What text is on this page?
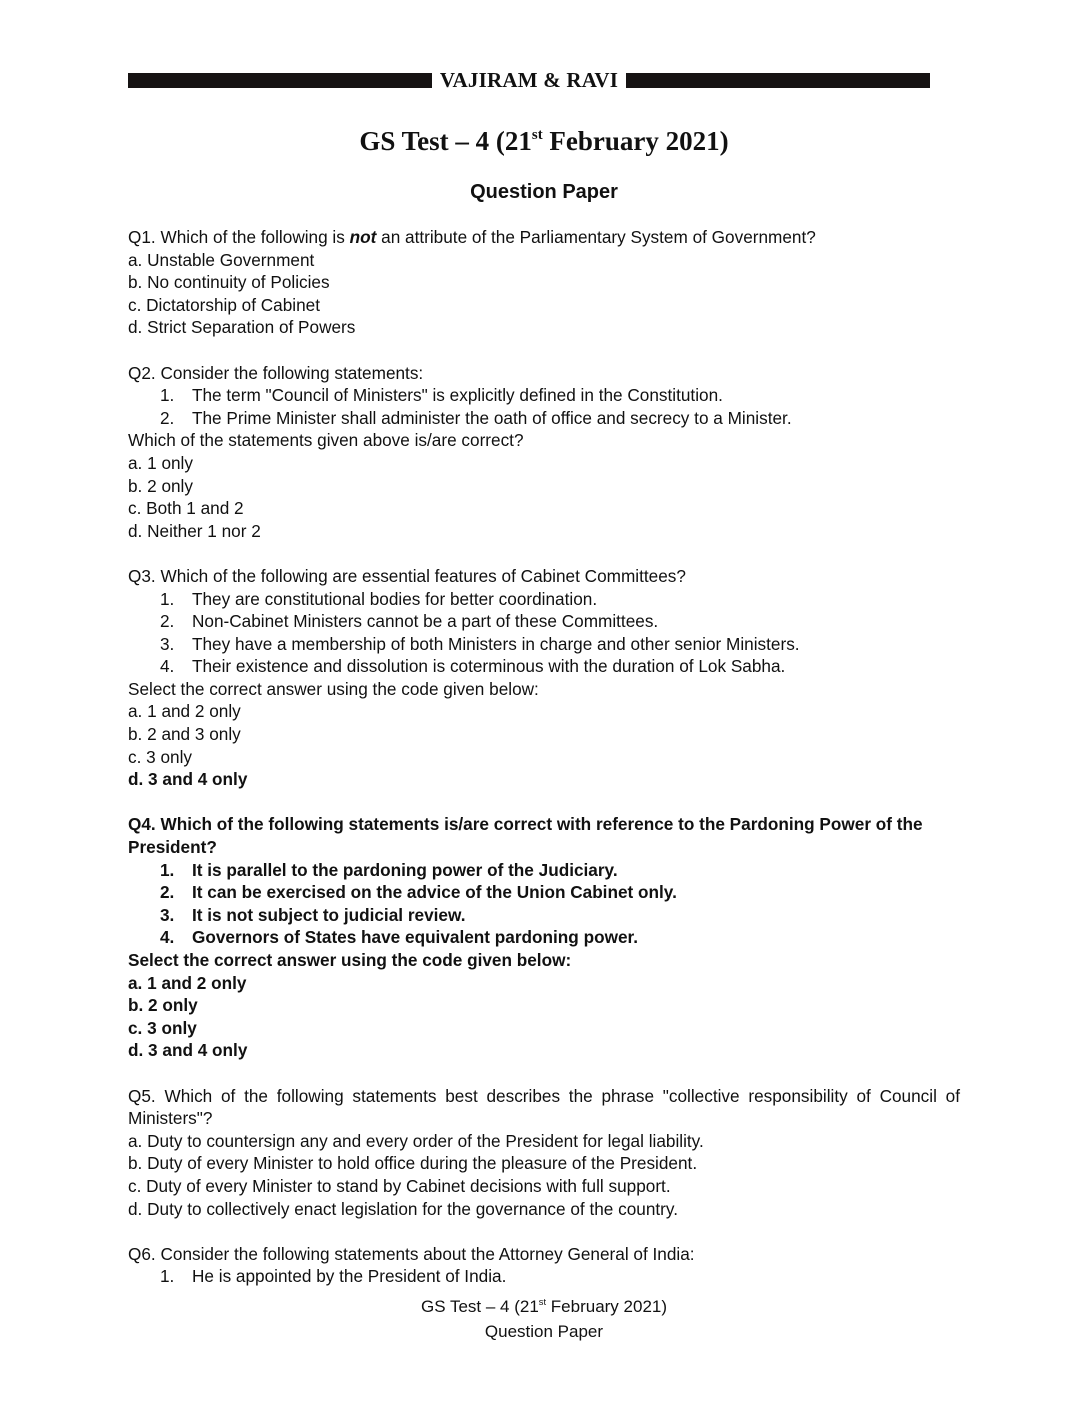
VAJIRAM & RAVI
GS Test – 4 (21st February 2021)
Question Paper

Q1. Which of the following is not an attribute of the Parliamentary System of Government?

a. Unstable Government
b. No continuity of Policies
c. Dictatorship of Cabinet
d. Strict Separation of Powers

Q2. Consider the following statements:

1.	The term "Council of Ministers" is explicitly defined in the Constitution.
2.	The Prime Minister shall administer the oath of office and secrecy to a Minister.
Which of the statements given above is/are correct?
a. 1 only
b. 2 only
c. Both 1 and 2
d. Neither 1 nor 2

Q3. Which of the following are essential features of Cabinet Committees?

1.	They are constitutional bodies for better coordination.
2.	Non-Cabinet Ministers cannot be a part of these Committees.
3.	They have a membership of both Ministers in charge and other senior Ministers.
4.	Their existence and dissolution is coterminous with the duration of Lok Sabha.
Select the correct answer using the code given below:
a. 1 and 2 only
b. 2 and 3 only
c. 3 only
d. 3 and 4 only

Q4. Which of the following statements is/are correct with reference to the Pardoning Power of the President?

1.	It is parallel to the pardoning power of the Judiciary.
2.	It can be exercised on the advice of the Union Cabinet only.
3.	It is not subject to judicial review.
4.	Governors of States have equivalent pardoning power.
Select the correct answer using the code given below:
a. 1 and 2 only
b. 2 only
c. 3 only
d. 3 and 4 only

Q5. Which of the following statements best describes the phrase "collective responsibility of Council of Ministers"?

a. Duty to countersign any and every order of the President for legal liability.
b. Duty of every Minister to hold office during the pleasure of the President.
c. Duty of every Minister to stand by Cabinet decisions with full support.
d. Duty to collectively enact legislation for the governance of the country.

Q6. Consider the following statements about the Attorney General of India:

1.	He is appointed by the President of India.
GS Test – 4 (21st February 2021)
Question Paper
